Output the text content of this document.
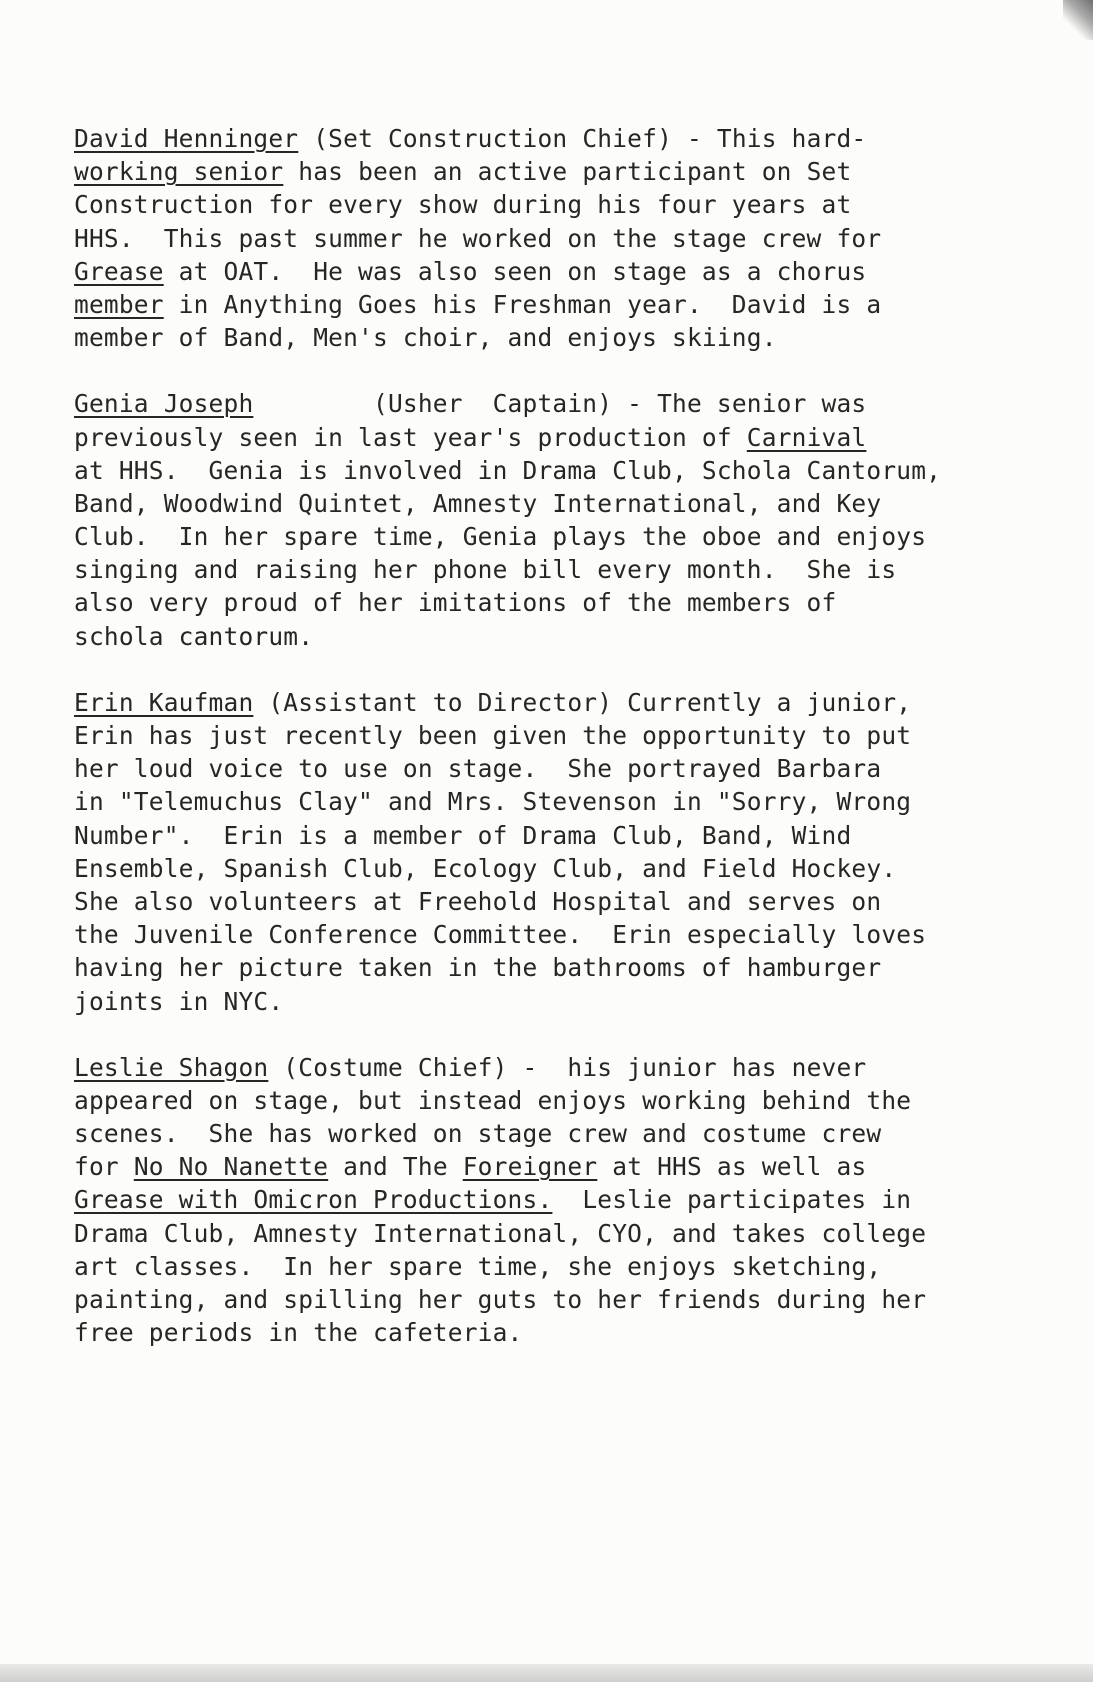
David Henninger (Set Construction Chief) - This hard-
working senior has been an active participant on Set
Construction for every show during his four years at
HHS.  This past summer he worked on the stage crew for
Grease at OAT.  He was also seen on stage as a chorus
member in Anything Goes his Freshman year.  David is a
member of Band, Men's choir, and enjoys skiing.
Genia Joseph        (Usher  Captain) - The senior was
previously seen in last year's production of Carnival
at HHS.  Genia is involved in Drama Club, Schola Cantorum,
Band, Woodwind Quintet, Amnesty International, and Key
Club.  In her spare time, Genia plays the oboe and enjoys
singing and raising her phone bill every month.  She is
also very proud of her imitations of the members of
schola cantorum.
Erin Kaufman (Assistant to Director) Currently a junior,
Erin has just recently been given the opportunity to put
her loud voice to use on stage.  She portrayed Barbara
in "Telemuchus Clay" and Mrs. Stevenson in "Sorry, Wrong
Number".  Erin is a member of Drama Club, Band, Wind
Ensemble, Spanish Club, Ecology Club, and Field Hockey.
She also volunteers at Freehold Hospital and serves on
the Juvenile Conference Committee.  Erin especially loves
having her picture taken in the bathrooms of hamburger
joints in NYC.
Leslie Shagon (Costume Chief) -  his junior has never
appeared on stage, but instead enjoys working behind the
scenes.  She has worked on stage crew and costume crew
for No No Nanette and The Foreigner at HHS as well as
Grease with Omicron Productions.  Leslie participates in
Drama Club, Amnesty International, CYO, and takes college
art classes.  In her spare time, she enjoys sketching,
painting, and spilling her guts to her friends during her
free periods in the cafeteria.
